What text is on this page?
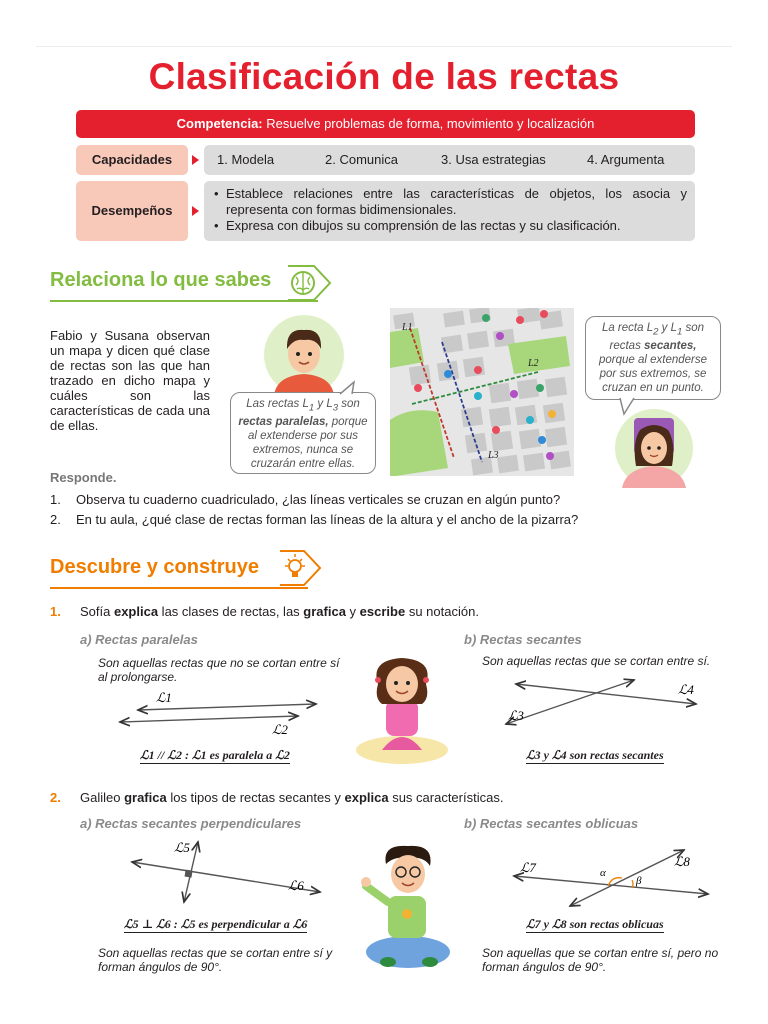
Clasificación de las rectas
Competencia: Resuelve problemas de forma, movimiento y localización
Capacidades	1. Modela	2. Comunica	3. Usa estrategias	4. Argumenta
Desempeños
• Establece relaciones entre las características de objetos, los asocia y representa con formas bidimensionales.
• Expresa con dibujos su comprensión de las rectas y su clasificación.
Relaciona lo que sabes

Fabio y Susana observan un mapa y dicen qué clase de rectas son las que han trazado en dicho mapa y cuáles son las características de cada una de ellas.

Las rectas $L_1$ y $L_3$ son rectas paralelas, porque al extenderse por sus extremos, nunca se cruzarán entre ellas.
L1
L2
L3
La recta $L_2$ y $L_1$ son rectas secantes, porque al extenderse por sus extremos, se cruzan en un punto.
Responde.
1. Observa tu cuaderno cuadriculado, ¿las líneas verticales se cruzan en algún punto?
2. En tu aula, ¿qué clase de rectas forman las líneas de la altura y el ancho de la pizarra?
Descubre y construye
1. Sofía explica las clases de rectas, las grafica y escribe su notación.
a) Rectas paralelas
Son aquellas rectas que no se cortan entre sí al prolongarse.
ℒ1
ℒ2
ℒ1 // ℒ2 : ℒ1 es paralela a ℒ2
b) Rectas secantes
Son aquellas rectas que se cortan entre sí.
ℒ4
ℒ3
ℒ3 y ℒ4 son rectas secantes
2. Galileo grafica los tipos de rectas secantes y explica sus características.
a) Rectas secantes perpendiculares
ℒ5
ℒ6
ℒ5 ⊥ ℒ6 : ℒ5 es perpendicular a ℒ6
Son aquellas rectas que se cortan entre sí y forman ángulos de 90°.
b) Rectas secantes oblicuas
α
β
ℒ7	ℒ8
ℒ7 y ℒ8 son rectas oblicuas
Son aquellas que se cortan entre sí, pero no forman ángulos de 90°.
